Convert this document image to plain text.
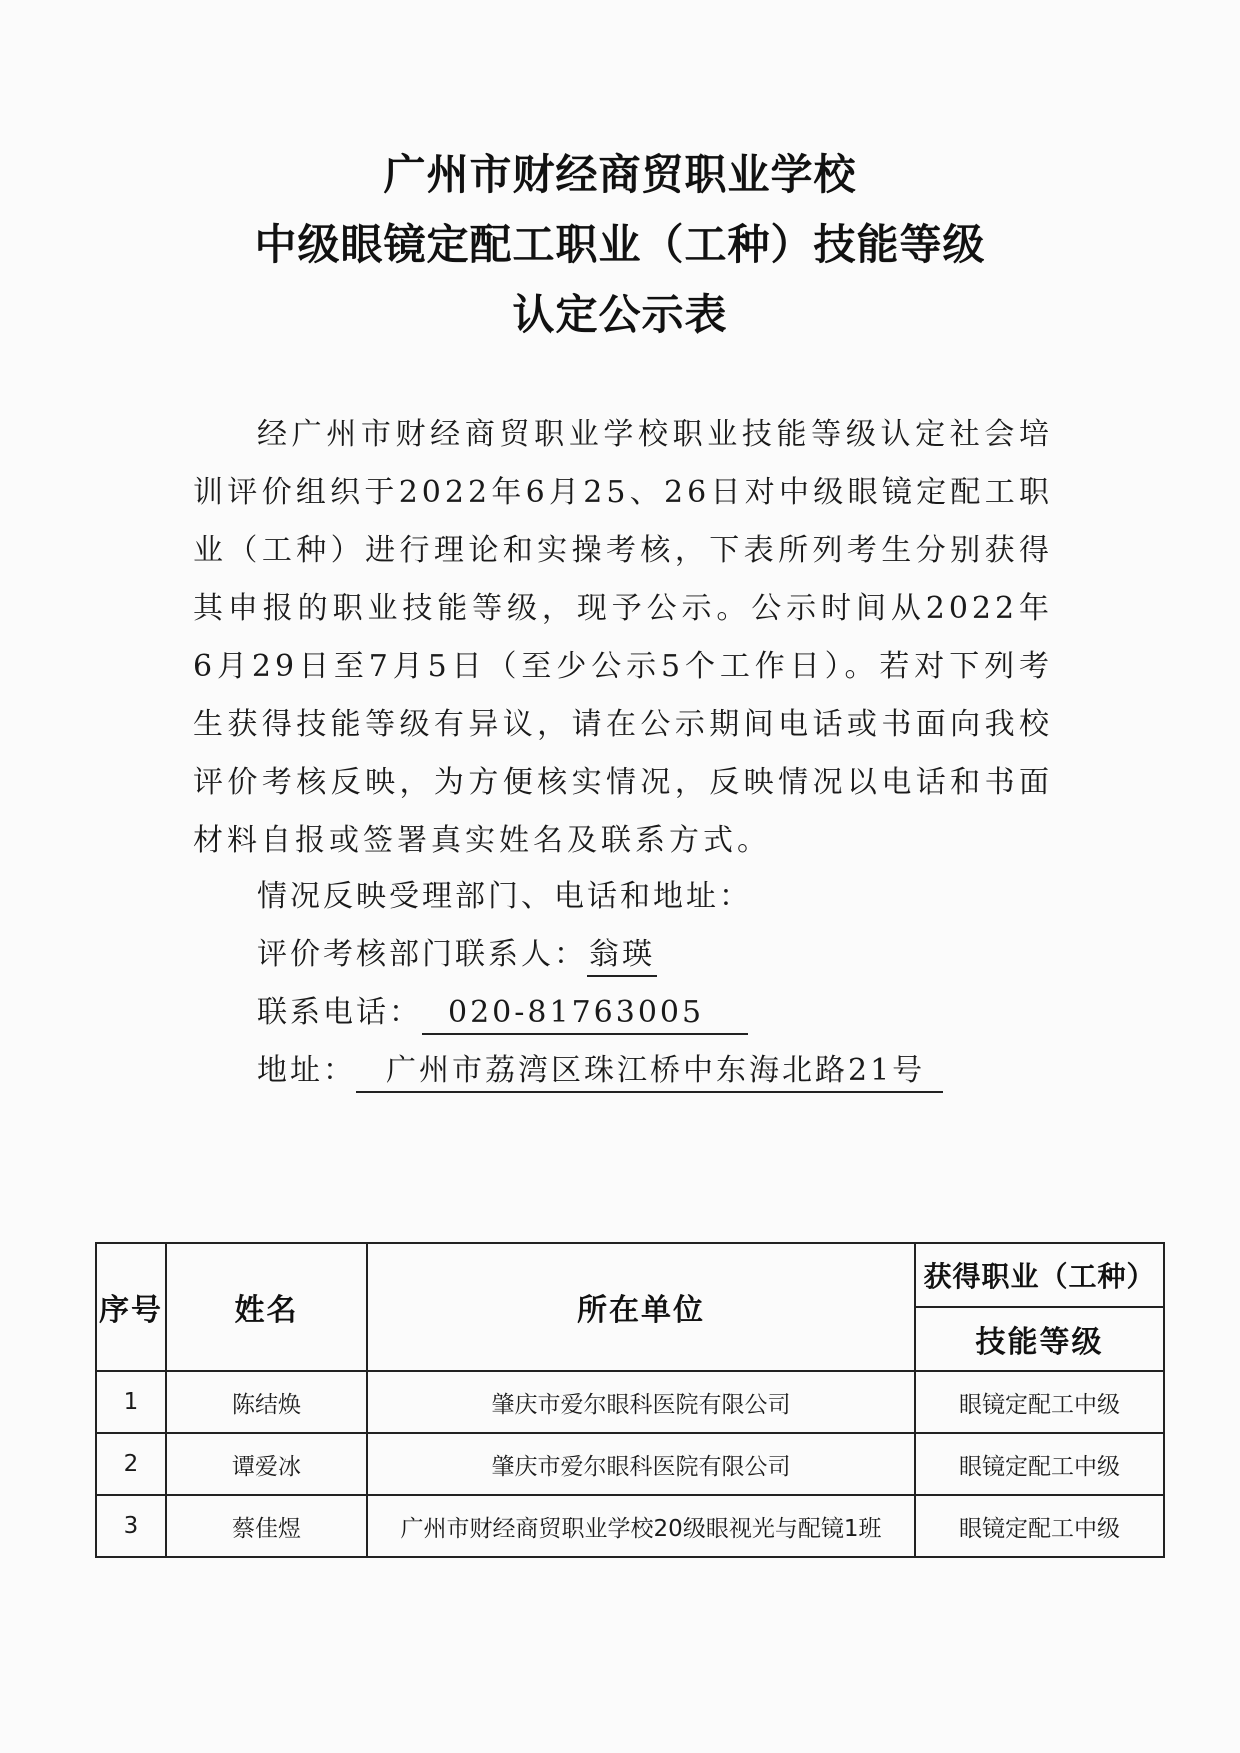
广州市财经商贸职业学校
中级眼镜定配工职业（工种）技能等级
认定公示表

经广州市财经商贸职业学校职业技能等级认定社会培训评价组织于2022年6月25、26日对中级眼镜定配工职业（工种）进行理论和实操考核，下表所列考生分别获得其申报的职业技能等级，现予公示。公示时间从2022年6月29日至7月5日（至少公示5个工作日）。若对下列考生获得技能等级有异议，请在公示期间电话或书面向我校评价考核反映，为方便核实情况，反映情况以电话和书面材料自报或签署真实姓名及联系方式。

情况反映受理部门、电话和地址：
评价考核部门联系人：翁瑛
联系电话： 020-81763005
地址： 广州市荔湾区珠江桥中东海北路21号
序号	姓名	所在单位	获得职业（工种）
			技能等级
1	陈结焕	肇庆市爱尔眼科医院有限公司	眼镜定配工中级
2	谭爱冰	肇庆市爱尔眼科医院有限公司	眼镜定配工中级
3	蔡佳煜	广州市财经商贸职业学校20级眼视光与配镜1班	眼镜定配工中级
